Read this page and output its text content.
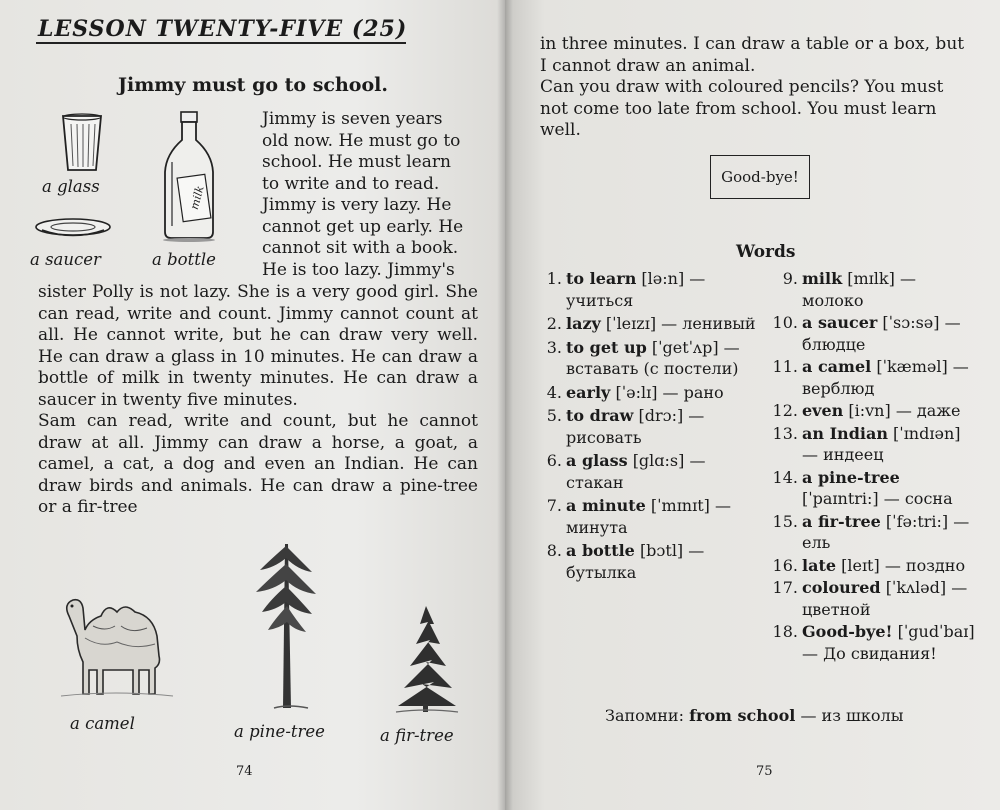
LESSON TWENTY-FIVE (25)
Jimmy must go to school.
a glass
a saucer
milk
a bottle

Jimmy is seven years

old now. He must go to

school. He must learn

to write and to read.

Jimmy is very lazy. He

cannot get up early. He

cannot sit with a book.

He is too lazy. Jimmy's

sister Polly is not lazy. She is a very good girl. She can read, write and count. Jimmy cannot count at all. He cannot write, but he can draw very well. He can draw a glass in 10 minutes. He can draw a bottle of milk in twenty minutes. He can draw a saucer in twenty five minutes.

Sam can read, write and count, but he cannot draw at all. Jimmy can draw a horse, a goat, a camel, a cat, a dog and even an Indian. He can draw birds and animals. He can draw a pine-tree or a fir-tree

a camel	a pine-tree	a fir-tree
74

in three minutes. I can draw a table or a box, but I cannot draw an animal.

Can you draw with coloured pencils? You must not come too late from school. You must learn well.

Good-bye!
Words
1. to learn [lə:n] — учиться
2. lazy [ˈleɪzɪ] — ленивый
3. to get up [ˈgetˈʌp] — вставать (с постели)
4. early [ˈə:lɪ] — рано
5. to draw [drɔ:] — рисовать
6. a glass [glɑ:s] — стакан
7. a minute [ˈmɪnɪt] — минута
8. a bottle [bɔtl] — бутылка
9. milk [mɪlk] — молоко
10. a saucer [ˈsɔ:sə] — блюдце
11. a camel [ˈkæməl] — верблюд
12. even [i:vn] — даже
13. an Indian [ˈɪndɪən] — индеец
14. a pine-tree [ˈpaɪntri:] — сосна
15. a fir-tree [ˈfə:tri:] — ель
16. late [leɪt] — поздно
17. coloured [ˈkʌləd] — цветной
18. Good-bye! [ˈgudˈbaɪ] — До свидания!
Запомни: from school — из школы
75
